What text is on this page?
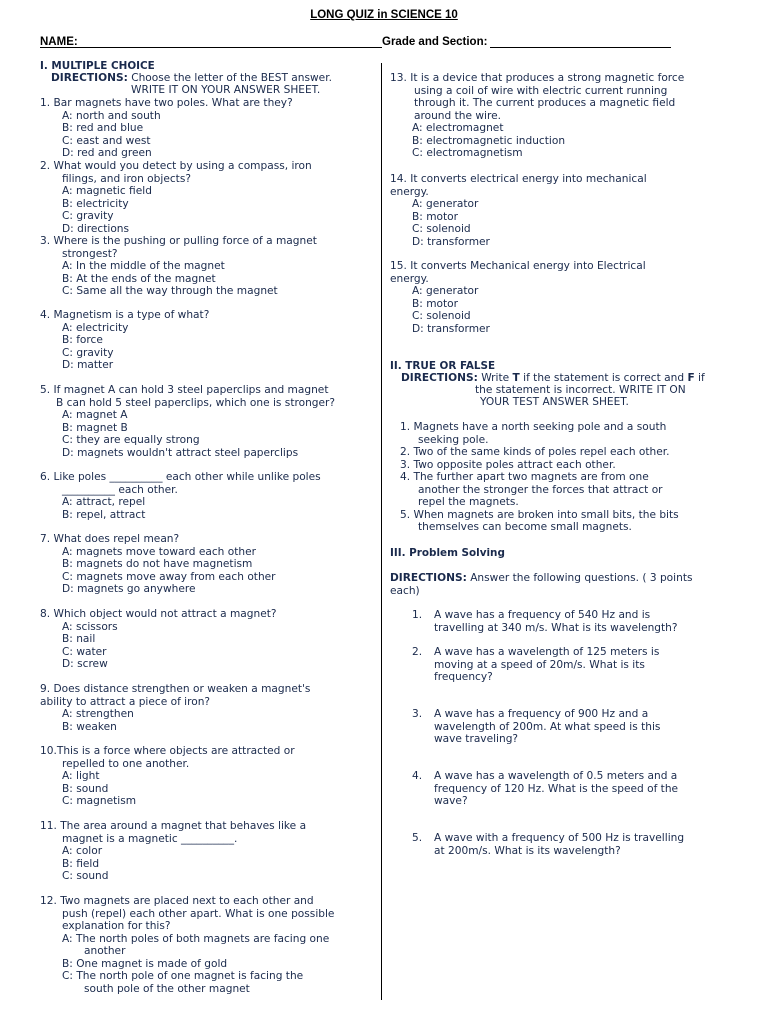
LONG QUIZ in SCIENCE 10
NAME:	Grade and Section:
I. MULTIPLE CHOICE
DIRECTIONS: Choose the letter of the BEST answer.
WRITE IT ON YOUR ANSWER SHEET.
1. Bar magnets have two poles. What are they?
A: north and south
B: red and blue
C: east and west
D: red and green
2. What would you detect by using a compass, iron
filings, and iron objects?
A: magnetic field
B: electricity
C: gravity
D: directions
3. Where is the pushing or pulling force of a magnet
strongest?
A: In the middle of the magnet
B: At the ends of the magnet
C: Same all the way through the magnet
4. Magnetism is a type of what?
A: electricity
B: force
C: gravity
D: matter
5. If magnet A can hold 3 steel paperclips and magnet
B can hold 5 steel paperclips, which one is stronger?
A: magnet A
B: magnet B
C: they are equally strong
D: magnets wouldn't attract steel paperclips
6. Like poles __________ each other while unlike poles
__________ each other.
A: attract, repel
B: repel, attract
7. What does repel mean?
A: magnets move toward each other
B: magnets do not have magnetism
C: magnets move away from each other
D: magnets go anywhere
8. Which object would not attract a magnet?
A: scissors
B: nail
C: water
D: screw
9. Does distance strengthen or weaken a magnet's
ability to attract a piece of iron?
A: strengthen
B: weaken
10.This is a force where objects are attracted or
repelled to one another.
A: light
B: sound
C: magnetism
11. The area around a magnet that behaves like a
magnet is a magnetic __________.
A: color
B: field
C: sound
12. Two magnets are placed next to each other and
push (repel) each other apart. What is one possible
explanation for this?
A: The north poles of both magnets are facing one
another
B: One magnet is made of gold
C: The north pole of one magnet is facing the
south pole of the other magnet
13. It is a device that produces a strong magnetic force
using a coil of wire with electric current running
through it. The current produces a magnetic field
around the wire.
A: electromagnet
B: electromagnetic induction
C: electromagnetism
14. It converts electrical energy into mechanical
energy.
A: generator
B: motor
C: solenoid
D: transformer
15. It converts Mechanical energy into Electrical
energy.
A: generator
B: motor
C: solenoid
D: transformer
II. TRUE OR FALSE
DIRECTIONS: Write T if the statement is correct and F if
the statement is incorrect. WRITE IT ON
YOUR TEST ANSWER SHEET.
1. Magnets have a north seeking pole and a south
seeking pole.
2. Two of the same kinds of poles repel each other.
3. Two opposite poles attract each other.
4. The further apart two magnets are from one
another the stronger the forces that attract or
repel the magnets.
5. When magnets are broken into small bits, the bits
themselves can become small magnets.
III. Problem Solving
DIRECTIONS: Answer the following questions. ( 3 points
each)
1. A wave has a frequency of 540 Hz and is
travelling at 340 m/s. What is its wavelength?
2. A wave has a wavelength of 125 meters is
moving at a speed of 20m/s. What is its
frequency?
3. A wave has a frequency of 900 Hz and a
wavelength of 200m. At what speed is this
wave traveling?
4. A wave has a wavelength of 0.5 meters and a
frequency of 120 Hz. What is the speed of the
wave?
5. A wave with a frequency of 500 Hz is travelling
at 200m/s. What is its wavelength?
